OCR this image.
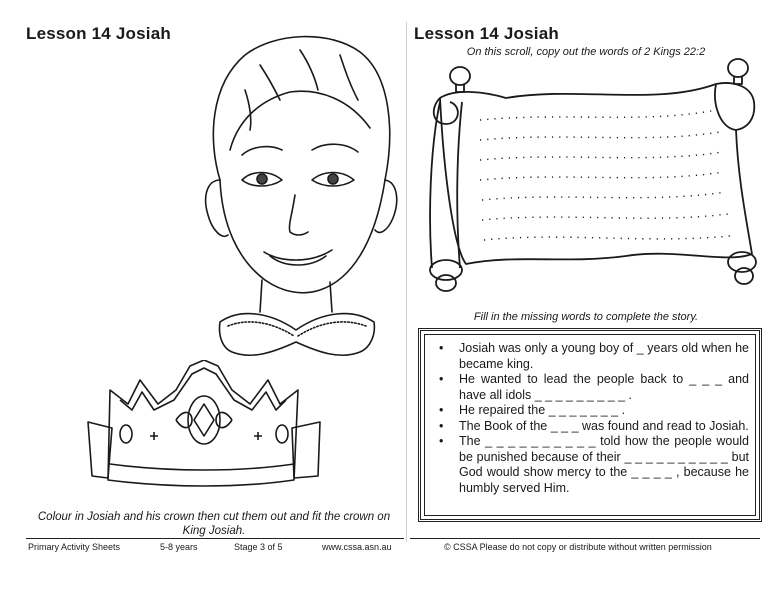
Lesson 14 Josiah
Colour in Josiah and his crown then cut them out and fit the crown on King Josiah.
Primary Activity Sheets	5-8 years	Stage 3 of 5	www.cssa.asn.au
Lesson 14 Josiah
On this scroll, copy out the words of 2 Kings 22:2
Fill in the missing words to complete the story.
• Josiah was only a young boy of _ years old when he became king.
• He wanted to lead the people back to _ _ _ and have all idols _ _ _ _ _ _ _ _ _ .
• He repaired the _ _ _ _ _ _ _ .
• The Book of the _ _ _ was found and read to Josiah.
• The _ _ _ _ _ _ _ _ _ _ told how the people would be punished because of their _ _ _ _ _ _ _ _ _ _ but God would show mercy to the _ _ _ _ , because he humbly served Him.
© CSSA Please do not copy or distribute without written permission
